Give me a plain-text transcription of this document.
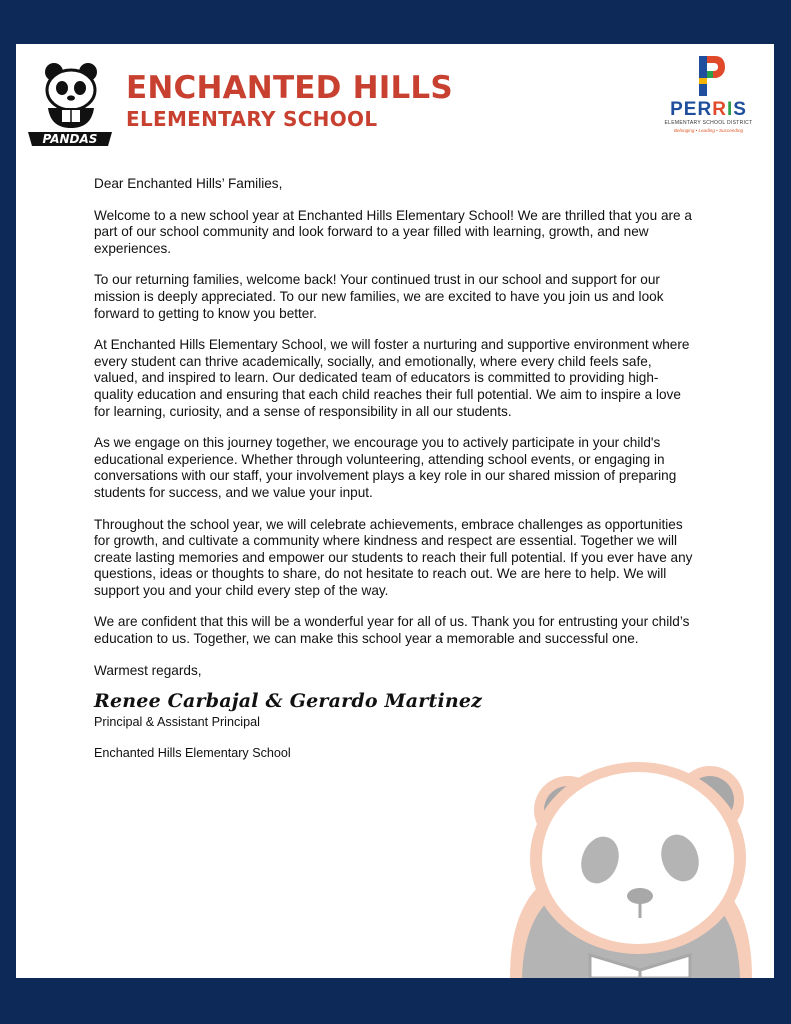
PANDAS
ENCHANTED HILLS
ELEMENTARY SCHOOL	PERRIS
ELEMENTARY SCHOOL DISTRICT
Belonging • Leading • Succeeding

Dear Enchanted Hills’ Families,

Welcome to a new school year at Enchanted Hills Elementary School! We are thrilled that you are a part of our school community and look forward to a year filled with learning, growth, and new experiences.

To our returning families, welcome back! Your continued trust in our school and support for our mission is deeply appreciated. To our new families, we are excited to have you join us and look forward to getting to know you better.

At Enchanted Hills Elementary School, we will foster a nurturing and supportive environment where every student can thrive academically, socially, and emotionally, where every child feels safe, valued, and inspired to learn. Our dedicated team of educators is committed to providing high-quality education and ensuring that each child reaches their full potential. We aim to inspire a love for learning, curiosity, and a sense of responsibility in all our students.

As we engage on this journey together, we encourage you to actively participate in your child's educational experience. Whether through volunteering, attending school events, or engaging in conversations with our staff, your involvement plays a key role in our shared mission of preparing students for success, and we value your input.

Throughout the school year, we will celebrate achievements, embrace challenges as opportunities for growth, and cultivate a community where kindness and respect are essential. Together we will create lasting memories and empower our students to reach their full potential. If you ever have any questions, ideas or thoughts to share, do not hesitate to reach out. We are here to help. We will support you and your child every step of the way.

We are confident that this will be a wonderful year for all of us. Thank you for entrusting your child’s education to us. Together, we can make this school year a memorable and successful one.

Warmest regards,

Renee Carbajal & Gerardo Martinez

Principal & Assistant Principal

Enchanted Hills Elementary School
